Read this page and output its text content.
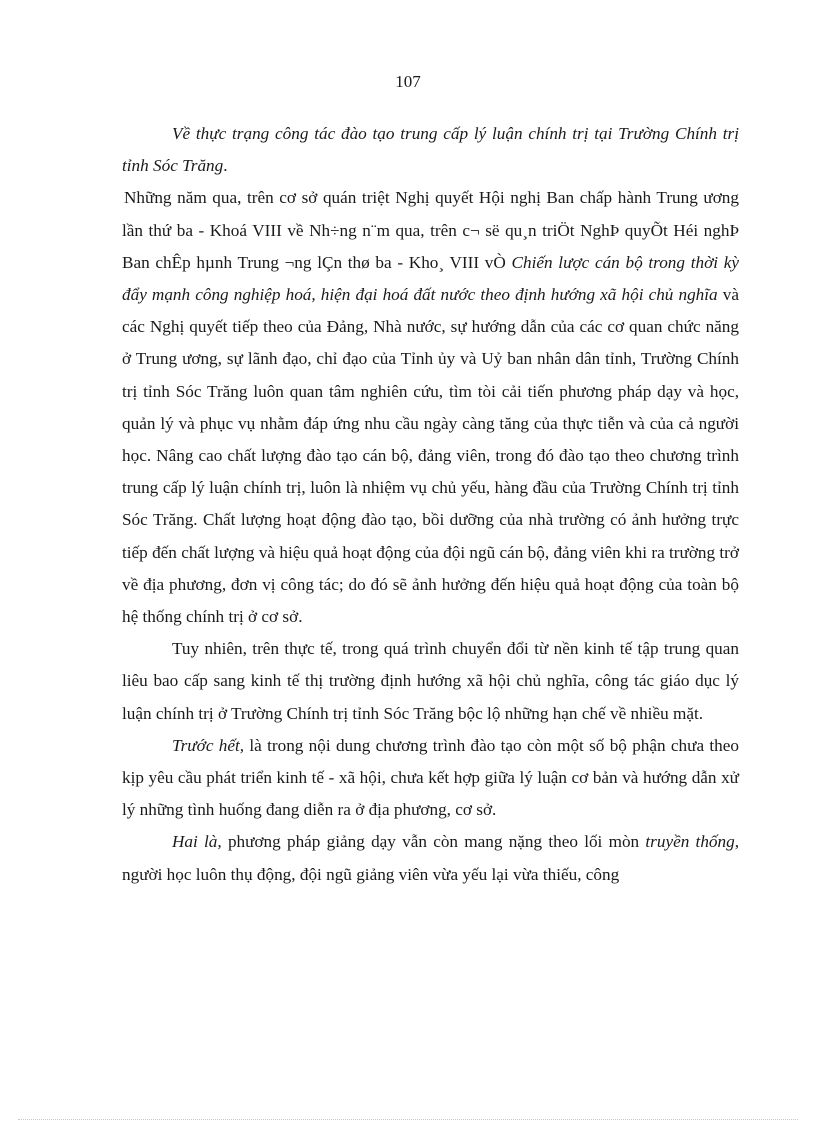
107

Về thực trạng công tác đào tạo trung cấp lý luận chính trị tại Trường Chính trị tỉnh Sóc Trăng.

Những năm qua, trên cơ sở quán triệt Nghị quyết Hội nghị Ban chấp hành Trung ương lần thứ ba - Khoá VIII về Nh÷ng n¨m qua, trên c¬ së qu¸n triÖt NghÞ quyÕt Héi nghÞ Ban chÊp hµnh Trung ¬ng lÇn thø ba - Kho¸ VIII vÒ Chiến lược cán bộ trong thời kỳ đẩy mạnh công nghiệp hoá, hiện đại hoá đất nước theo định hướng xã hội chủ nghĩa và các Nghị quyết tiếp theo của Đảng, Nhà nước, sự hướng dẫn của các cơ quan chức năng ở Trung ương, sự lãnh đạo, chỉ đạo của Tỉnh ủy và Uỷ ban nhân dân tỉnh, Trường Chính trị tỉnh Sóc Trăng luôn quan tâm nghiên cứu, tìm tòi cải tiến phương pháp dạy và học, quản lý và phục vụ nhằm đáp ứng nhu cầu ngày càng tăng của thực tiễn và của cả người học. Nâng cao chất lượng đào tạo cán bộ, đảng viên, trong đó đào tạo theo chương trình trung cấp lý luận chính trị, luôn là nhiệm vụ chủ yếu, hàng đầu của Trường Chính trị tỉnh Sóc Trăng. Chất lượng hoạt động đào tạo, bồi dưỡng của nhà trường có ảnh hưởng trực tiếp đến chất lượng và hiệu quả hoạt động của đội ngũ cán bộ, đảng viên khi ra trường trở về địa phương, đơn vị công tác; do đó sẽ ảnh hưởng đến hiệu quả hoạt động của toàn bộ hệ thống chính trị ở cơ sở.

Tuy nhiên, trên thực tế, trong quá trình chuyển đổi từ nền kinh tế tập trung quan liêu bao cấp sang kinh tế thị trường định hướng xã hội chủ nghĩa, công tác giáo dục lý luận chính trị ở Trường Chính trị tỉnh Sóc Trăng bộc lộ những hạn chế về nhiều mặt.

Trước hết, là trong nội dung chương trình đào tạo còn một số bộ phận chưa theo kịp yêu cầu phát triển kinh tế - xã hội, chưa kết hợp giữa lý luận cơ bản và hướng dẫn xử lý những tình huống đang diễn ra ở địa phương, cơ sở.

Hai là, phương pháp giảng dạy vẫn còn mang nặng theo lối mòn truyền thống, người học luôn thụ động, đội ngũ giảng viên vừa yếu lại vừa thiếu, công
